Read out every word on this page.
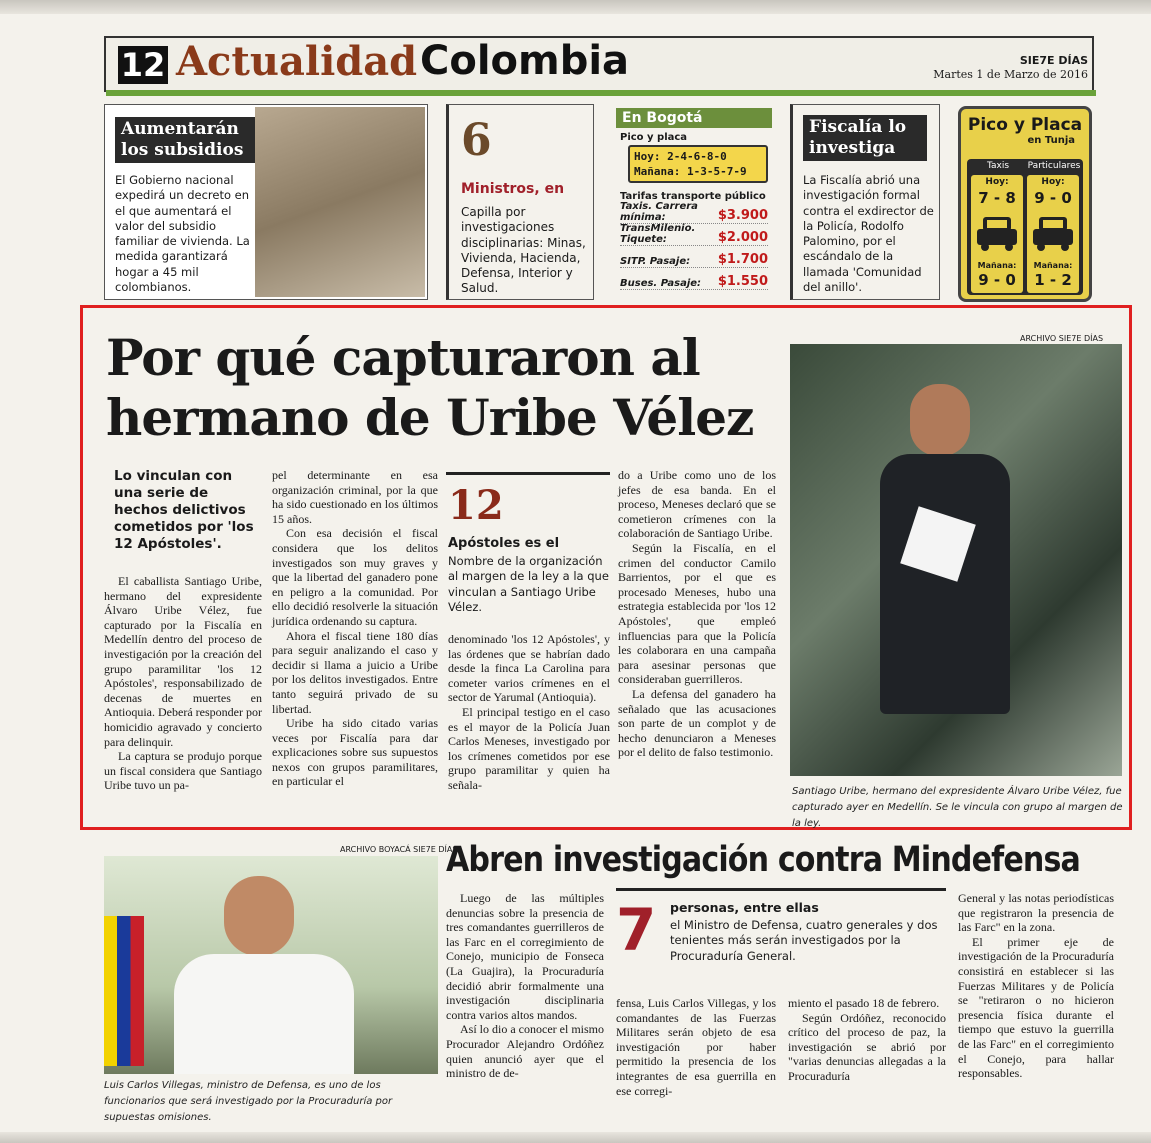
12 Actualidad Colombia	SIE7E DÍAS
Martes 1 de Marzo de 2016
Aumentarán los subsidios
El Gobierno nacional expedirá un decreto en el que aumentará el valor del subsidio familiar de vivienda. La medida garantizará hogar a 45 mil colombianos.
6
Ministros, en
Capilla por investigaciones disciplinarias: Minas, Vivienda, Hacienda, Defensa, Interior y Salud.
En Bogotá
Pico y placa
Hoy: 2-4-6-8-0
Mañana: 1-3-5-7-9
Tarifas transporte público
Taxis. Carrera mínima:	$3.900
TransMilenio. Tiquete:	$2.000
SITP. Pasaje: $1.700
Buses. Pasaje: $1.550
Fiscalía lo investiga
La Fiscalía abrió una investigación formal contra el exdirector de la Policía, Rodolfo Palomino, por el escándalo de la llamada 'Comunidad del anillo'.
Pico y Placa
en Tunja
Taxis	Particulares
Hoy:	Hoy:
7 - 8	9 - 0
Mañana:	Mañana:
9 - 0	1 - 2
Por qué capturaron al
hermano de Uribe Vélez
ARCHIVO SIE7E DÍAS
Santiago Uribe, hermano del expresidente Álvaro Uribe Vélez, fue capturado ayer en Medellín. Se le vincula con grupo al margen de la ley.
Lo vinculan con una serie de hechos delictivos cometidos por 'los 12 Apóstoles'.

El caballista Santiago Uribe, hermano del expresidente Álvaro Uribe Vélez, fue capturado por la Fiscalía en Medellín dentro del proceso de investigación por la creación del grupo paramilitar 'los 12 Apóstoles', responsabilizado de decenas de muertes en Antioquia. Deberá responder por homicidio agravado y concierto para delinquir.

La captura se produjo porque un fiscal considera que Santiago Uribe tuvo un pa-

pel determinante en esa organización criminal, por la que ha sido cuestionado en los últimos 15 años.

Con esa decisión el fiscal considera que los delitos investigados son muy graves y que la libertad del ganadero pone en peligro a la comunidad. Por ello decidió resolverle la situación jurídica ordenando su captura.

Ahora el fiscal tiene 180 días para seguir analizando el caso y decidir si llama a juicio a Uribe por los delitos investigados. Entre tanto seguirá privado de su libertad.

Uribe ha sido citado varias veces por Fiscalía para dar explicaciones sobre sus supuestos nexos con grupos paramilitares, en particular el

12
Apóstoles es el
Nombre de la organización al margen de la ley a la que vinculan a Santiago Uribe Vélez.

denominado 'los 12 Apóstoles', y las órdenes que se habrían dado desde la finca La Carolina para cometer varios crímenes en el sector de Yarumal (Antioquia).

El principal testigo en el caso es el mayor de la Policía Juan Carlos Meneses, investigado por los crímenes cometidos por ese grupo paramilitar y quien ha señala-

do a Uribe como uno de los jefes de esa banda. En el proceso, Meneses declaró que se cometieron crímenes con la colaboración de Santiago Uribe.

Según la Fiscalía, en el crimen del conductor Camilo Barrientos, por el que es procesado Meneses, hubo una estrategia establecida por 'los 12 Apóstoles', que empleó influencias para que la Policía les colaborara en una campaña para asesinar personas que consideraban guerrilleros.

La defensa del ganadero ha señalado que las acusaciones son parte de un complot y de hecho denunciaron a Meneses por el delito de falso testimonio.

ARCHIVO BOYACÁ SIE7E DÍAS
Luis Carlos Villegas, ministro de Defensa, es uno de los funcionarios que será investigado por la Procuraduría por supuestas omisiones.
Abren investigación contra Mindefensa

Luego de las múltiples denuncias sobre la presencia de tres comandantes guerrilleros de las Farc en el corregimiento de Conejo, municipio de Fonseca (La Guajira), la Procuraduría decidió abrir formalmente una investigación disciplinaria contra varios altos mandos.

Así lo dio a conocer el mismo Procurador Alejandro Ordóñez quien anunció ayer que el ministro de de-

7 personas, entre ellas
el Ministro de Defensa, cuatro generales y dos tenientes más serán investigados por la Procuraduría General.

fensa, Luis Carlos Villegas, y los comandantes de las Fuerzas Militares serán objeto de esa investigación por haber permitido la presencia de los integrantes de esa guerrilla en ese corregi-

miento el pasado 18 de febrero.

Según Ordóñez, reconocido crítico del proceso de paz, la investigación se abrió por "varias denuncias allegadas a la Procuraduría

General y las notas periodísticas que registraron la presencia de las Farc" en la zona.

El primer eje de investigación de la Procuraduría consistirá en establecer si las Fuerzas Militares y de Policía se "retiraron o no hicieron presencia física durante el tiempo que estuvo la guerrilla de las Farc" en el corregimiento el Conejo, para hallar responsables.
